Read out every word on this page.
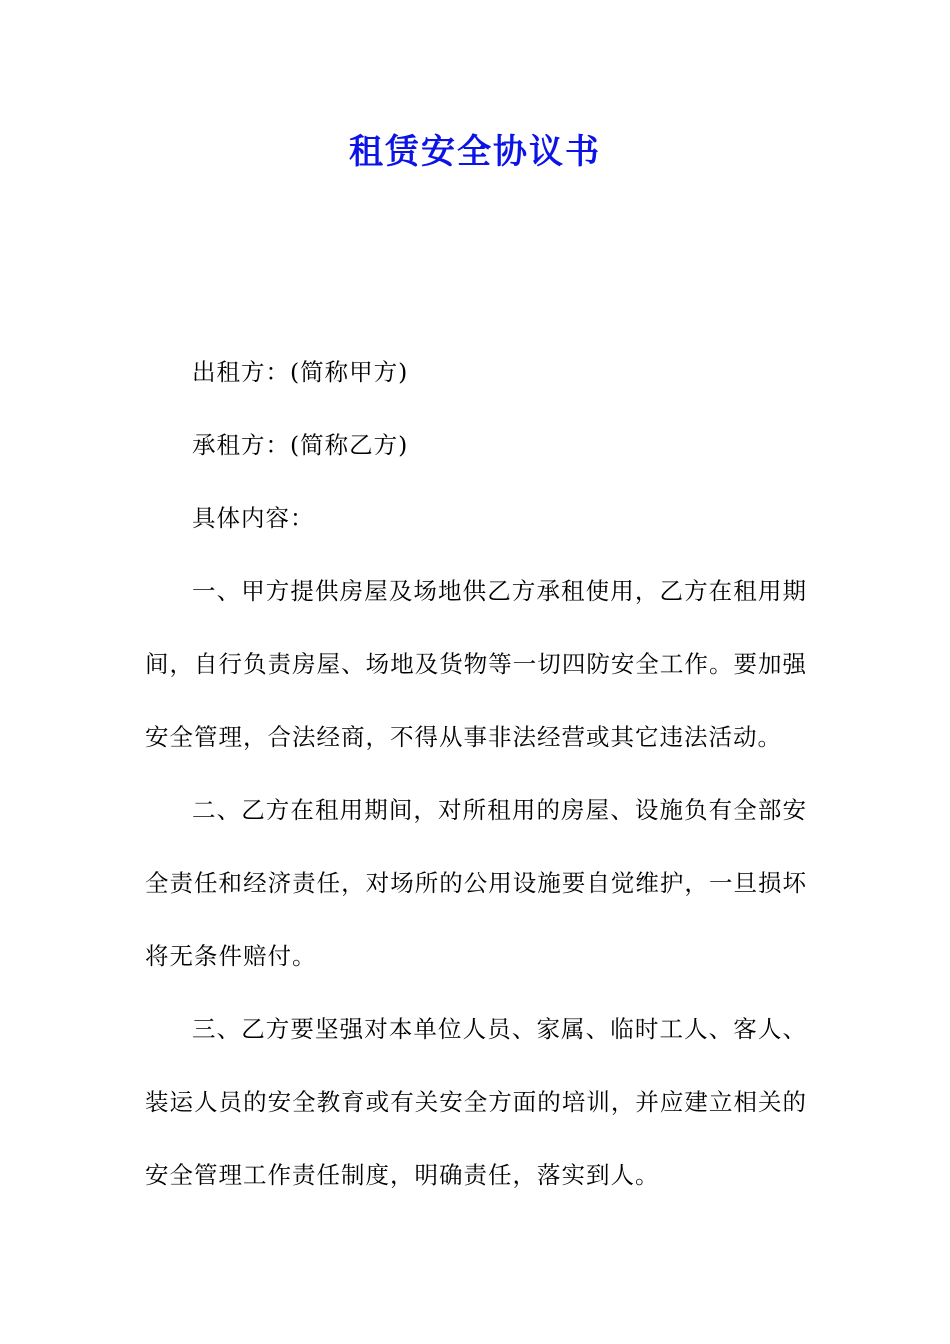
租赁安全协议书

出租方：(简称甲方)

承租方：(简称乙方)

具体内容：

一、甲方提供房屋及场地供乙方承租使用，乙方在租用期间，自行负责房屋、场地及货物等一切四防安全工作。要加强安全管理，合法经商，不得从事非法经营或其它违法活动。

二、乙方在租用期间，对所租用的房屋、设施负有全部安全责任和经济责任，对场所的公用设施要自觉维护，一旦损坏将无条件赔付。

三、乙方要坚强对本单位人员、家属、临时工人、客人、装运人员的安全教育或有关安全方面的培训，并应建立相关的安全管理工作责任制度，明确责任，落实到人。
